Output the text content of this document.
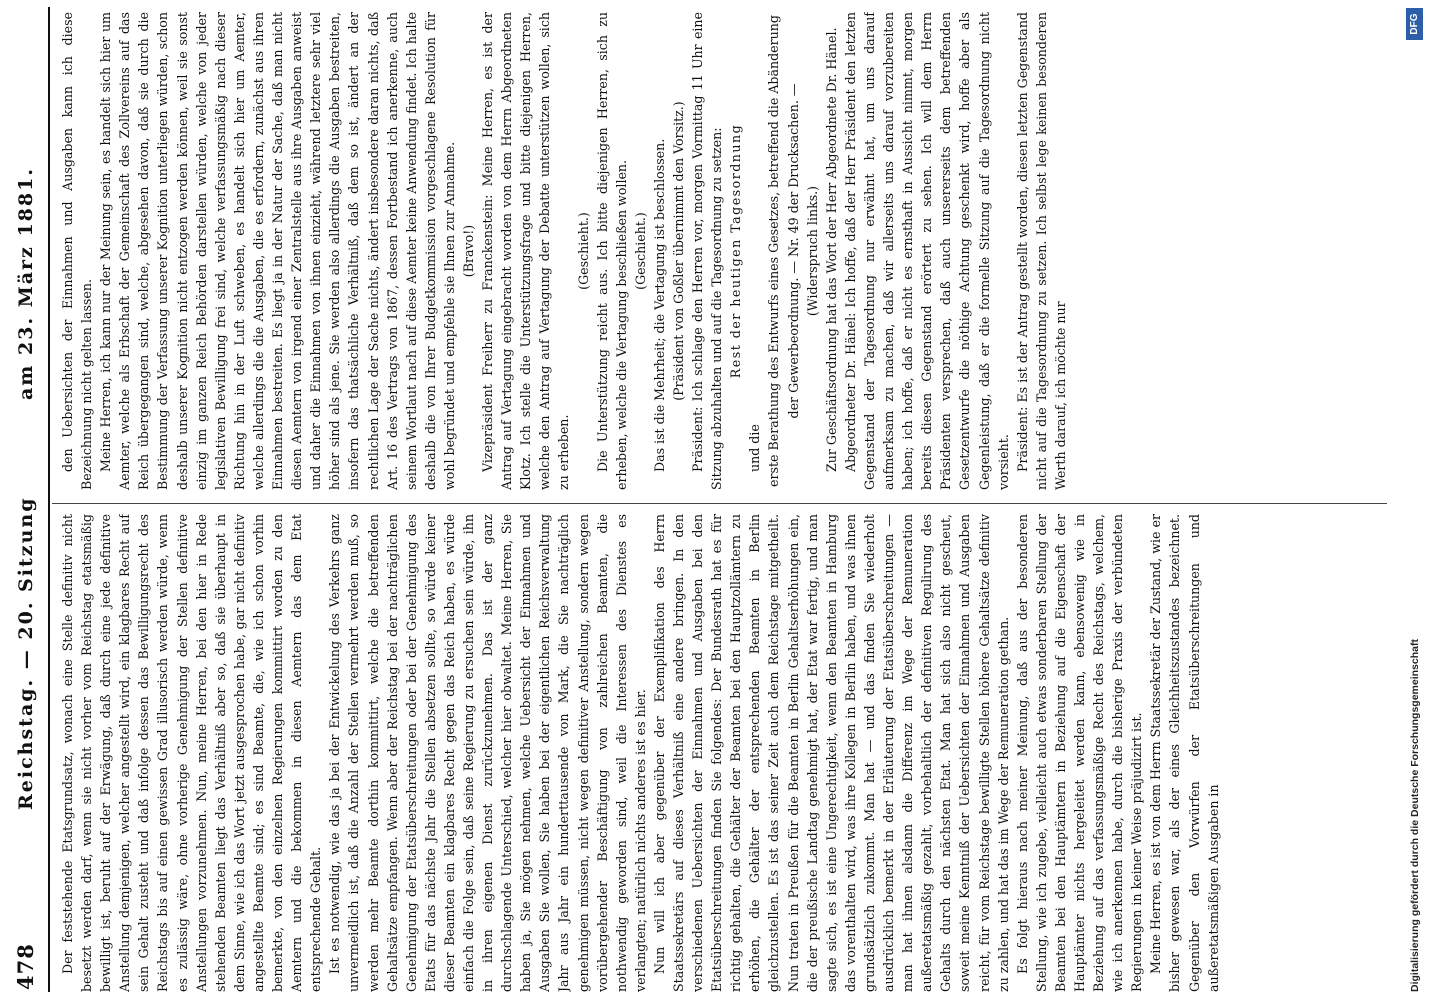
478
Reichstag. — 20. Sitzung
am 23. März 1881.

Der feststehende Etatsgrundsatz, wonach eine Stelle definitiv nicht besetzt werden darf, wenn sie nicht vorher vom Reichstag etatsmäßig bewilligt ist, beruht auf der Erwägung, daß durch eine jede definitive Anstellung demjenigen, welcher angestellt wird, ein klagbares Recht auf sein Gehalt zusteht und daß infolge dessen das Bewilligungsrecht des Reichstags bis auf einen gewissen Grad illusorisch werden würde, wenn es zulässig wäre, ohne vorherige Genehmigung der Stellen definitive Anstellungen vorzunehmen. Nun, meine Herren, bei den hier in Rede stehenden Beamten liegt das Verhältniß aber so, daß sie überhaupt in dem Sinne, wie ich das Wort jetzt ausgesprochen habe, gar nicht definitiv angestellte Beamte sind; es sind Beamte, die, wie ich schon vorhin bemerkte, von den einzelnen Regierungen kommittirt worden zu den Aemtern und die bekommen in diesen Aemtern das dem Etat entsprechende Gehalt. Ist es notwendig, wie das ja bei der Entwickelung des Verkehrs ganz unvermeidlich ist, daß die Anzahl der Stellen vermehrt werden muß, so werden mehr Beamte dorthin kommittirt, welche die betreffenden Gehaltsätze empfangen. Wenn aber der Reichstag bei der nachträglichen Genehmigung der Etatsüberschreitungen oder bei der Genehmigung des Etats für das nächste Jahr die Stellen absetzen sollte, so würde keiner dieser Beamten ein klagbares Recht gegen das Reich haben, es würde einfach die Folge sein, daß seine Regierung zu ersuchen sein würde, ihn in ihren eigenen Dienst zurückzunehmen. Das ist der ganz durchschlagende Unterschied, welcher hier obwaltet. Meine Herren, Sie haben ja, Sie mögen nehmen, welche Uebersicht der Einnahmen und Ausgaben Sie wollen, Sie haben bei der eigentlichen Reichsverwaltung Jahr aus Jahr ein hunderttausende von Mark, die Sie nachträglich genehmigen müssen, nicht wegen definitiver Anstellung, sondern wegen vorübergehender Beschäftigung von zahlreichen Beamten, die nothwendig geworden sind, weil die Interessen des Dienstes es verlangten; natürlich nichts anderes ist es hier. Nun will ich aber gegenüber der Exemplifikation des Herrn Staatssekretärs auf dieses Verhältniß eine andere bringen. In den verschiedenen Uebersichten der Einnahmen und Ausgaben bei den Etatsüberschreitungen finden Sie folgendes: Der Bundesrath hat es für richtig gehalten, die Gehälter der Beamten bei den Hauptzollämtern zu erhöhen, die Gehälter der entsprechenden Beamten in Berlin gleichzustellen. Es ist das seiner Zeit auch dem Reichstage mitgetheilt. Nun traten in Preußen für die Beamten in Berlin Gehaltserhöhungen ein, die der preußische Landtag genehmigt hat, der Etat war fertig, und man sagte sich, es ist eine Ungerechtigkeit, wenn den Beamten in Hamburg das vorenthalten wird, was ihre Kollegen in Berlin haben, und was ihnen grundsätzlich zukommt. Man hat — und das finden Sie wiederholt ausdrücklich bemerkt in der Erläuterung der Etatsüberschreitungen — man hat ihnen alsdann die Differenz im Wege der Remuneration außeretatsmäßig gezahlt, vorbehaltlich der definitiven Regulirung des Gehalts durch den nächsten Etat. Man hat sich also nicht gescheut, soweit meine Kenntniß der Uebersichten der Einnahmen und Ausgaben reicht, für vom Reichstage bewilligte Stellen höhere Gehaltsätze definitiv zu zahlen, und hat das im Wege der Remuneration gethan. Es folgt hieraus nach meiner Meinung, daß aus der besonderen Stellung, wie ich zugebe, vielleicht auch etwas sonderbaren Stellung der Beamten bei den Hauptämtern in Beziehung auf die Eigenschaft der Hauptämter nichts hergeleitet werden kann, ebensowenig wie in Beziehung auf das verfassungsmäßige Recht des Reichstags, welchem, wie ich anerkennen habe, durch die bisherige Praxis der verbündeten Regierungen in keiner Weise präjudizirt ist. Meine Herren, es ist von dem Herrn Staatssekretär der Zustand, wie er bisher gewesen war, als der eines Gleichheitszustandes bezeichnet. Gegenüber den Vorwürfen der Etatsüberschreitungen und außeretatsmäßigen Ausgaben in

den Uebersichten der Einnahmen und Ausgaben kann ich diese Bezeichnung nicht gelten lassen. Meine Herren, ich kann nur der Meinung sein, es handelt sich hier um Aemter, welche als Erbschaft der Gemeinschaft des Zollvereins auf das Reich übergegangen sind, welche, abgesehen davon, daß sie durch die Bestimmung der Verfassung unserer Kognition unterliegen würden, schon deshalb unserer Kognition nicht entzogen werden können, weil sie sonst einzig im ganzen Reich Behörden darstellen würden, welche von jeder legislativen Bewilligung frei sind, welche verfassungsmäßig nach dieser Richtung hin in der Luft schweben, es handelt sich hier um Aemter, welche allerdings die die Ausgaben, die es erfordern, zunächst aus ihren Einnahmen bestreiten. Es liegt ja in der Natur der Sache, daß man nicht diesen Aemtern von irgend einer Zentralstelle aus ihre Ausgaben anweist und daher die Einnahmen von ihnen einzieht, während letztere sehr viel höher sind als jene. Sie werden also allerdings die Ausgaben bestreiten, insofern das thatsächliche Verhältniß, daß dem so ist, ändert an der rechtlichen Lage der Sache nichts, ändert insbesondere daran nichts, daß Art. 16 des Vertrags von 1867, dessen Fortbestand ich anerkenne, auch seinem Wortlaut nach auf diese Aemter keine Anwendung findet. Ich halte deshalb die von Ihrer Budgetkommission vorgeschlagene Resolution für wohl begründet und empfehle sie Ihnen zur Annahme. (Bravo!) Vizepräsident Freiherr zu Franckenstein: Meine Herren, es ist der Antrag auf Vertagung eingebracht worden von dem Herrn Abgeordneten Klotz. Ich stelle die Unterstützungsfrage und bitte diejenigen Herren, welche den Antrag auf Vertagung der Debatte unterstützen wollen, sich zu erheben.

(Geschieht.) Die Unterstützung reicht aus. Ich bitte diejenigen Herren, sich zu erheben, welche die Vertagung beschließen wollen. (Geschieht.) Das ist die Mehrheit; die Vertagung ist beschlossen. (Präsident von Goßler übernimmt den Vorsitz.) Präsident: Ich schlage den Herren vor, morgen Vormittag 11 Uhr eine Sitzung abzuhalten und auf die Tagesordnung zu setzen: Rest der heutigen Tagesordnung

und die erste Berathung des Entwurfs eines Gesetzes, betreffend die Abänderung der Gewerbeordnung. — Nr. 49 der Drucksachen. — (Widerspruch links.) Zur Geschäftsordnung hat das Wort der Herr Abgeordnete Dr. Hänel. Abgeordneter Dr. Hänel: Ich hoffe, daß der Herr Präsident den letzten Gegenstand der Tagesordnung nur erwähnt hat, um uns darauf aufmerksam zu machen, daß wir allerseits uns darauf vorzubereiten haben; ich hoffe, daß er nicht es ernsthaft in Aussicht nimmt, morgen bereits diesen Gegenstand erörtert zu sehen. Ich will dem Herrn Präsidenten versprechen, daß auch unsererseits dem betreffenden Gesetzentwurfe die nöthige Achtung geschenkt wird, hoffe aber als Gegenleistung, daß er die formelle Sitzung auf die Tagesordnung nicht vorsieht. Präsident: Es ist der Antrag gestellt worden, diesen letzten Gegenstand nicht auf die Tagesordnung zu setzen. Ich selbst lege keinen besonderen Werth darauf, ich möchte nur

Digitalisierung gefördert durch die Deutsche Forschungsgemeinschaft
DFG
